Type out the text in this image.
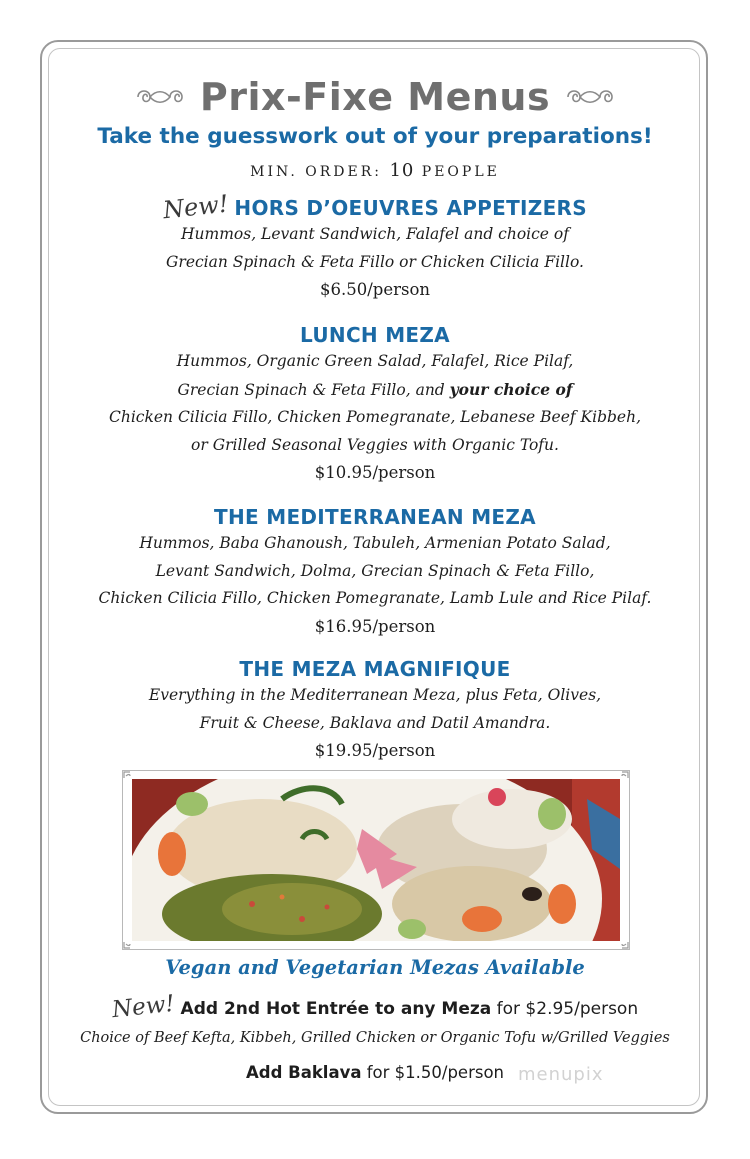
Prix-Fixe Menus
Take the guesswork out of your preparations!
MIN. ORDER: 10 PEOPLE
New! HORS D’OEUVRES APPETIZERS
Hummos, Levant Sandwich, Falafel and choice of
Grecian Spinach & Feta Fillo or Chicken Cilicia Fillo.
$6.50/person
LUNCH MEZA
Hummos, Organic Green Salad, Falafel, Rice Pilaf,
Grecian Spinach & Feta Fillo, and your choice of
Chicken Cilicia Fillo, Chicken Pomegranate, Lebanese Beef Kibbeh,
or Grilled Seasonal Veggies with Organic Tofu.
$10.95/person
THE MEDITERRANEAN MEZA
Hummos, Baba Ghanoush, Tabuleh, Armenian Potato Salad,
Levant Sandwich, Dolma, Grecian Spinach & Feta Fillo,
Chicken Cilicia Fillo, Chicken Pomegranate, Lamb Lule and Rice Pilaf.
$16.95/person
THE MEZA MAGNIFIQUE
Everything in the Mediterranean Meza, plus Feta, Olives,
Fruit & Cheese, Baklava and Datil Amandra.
$19.95/person
Vegan and Vegetarian Mezas Available
New! Add 2nd Hot Entrée to any Meza for $2.95/person
Choice of Beef Kefta, Kibbeh, Grilled Chicken or Organic Tofu w/Grilled Veggies
Add Baklava for $1.50/person menupix
